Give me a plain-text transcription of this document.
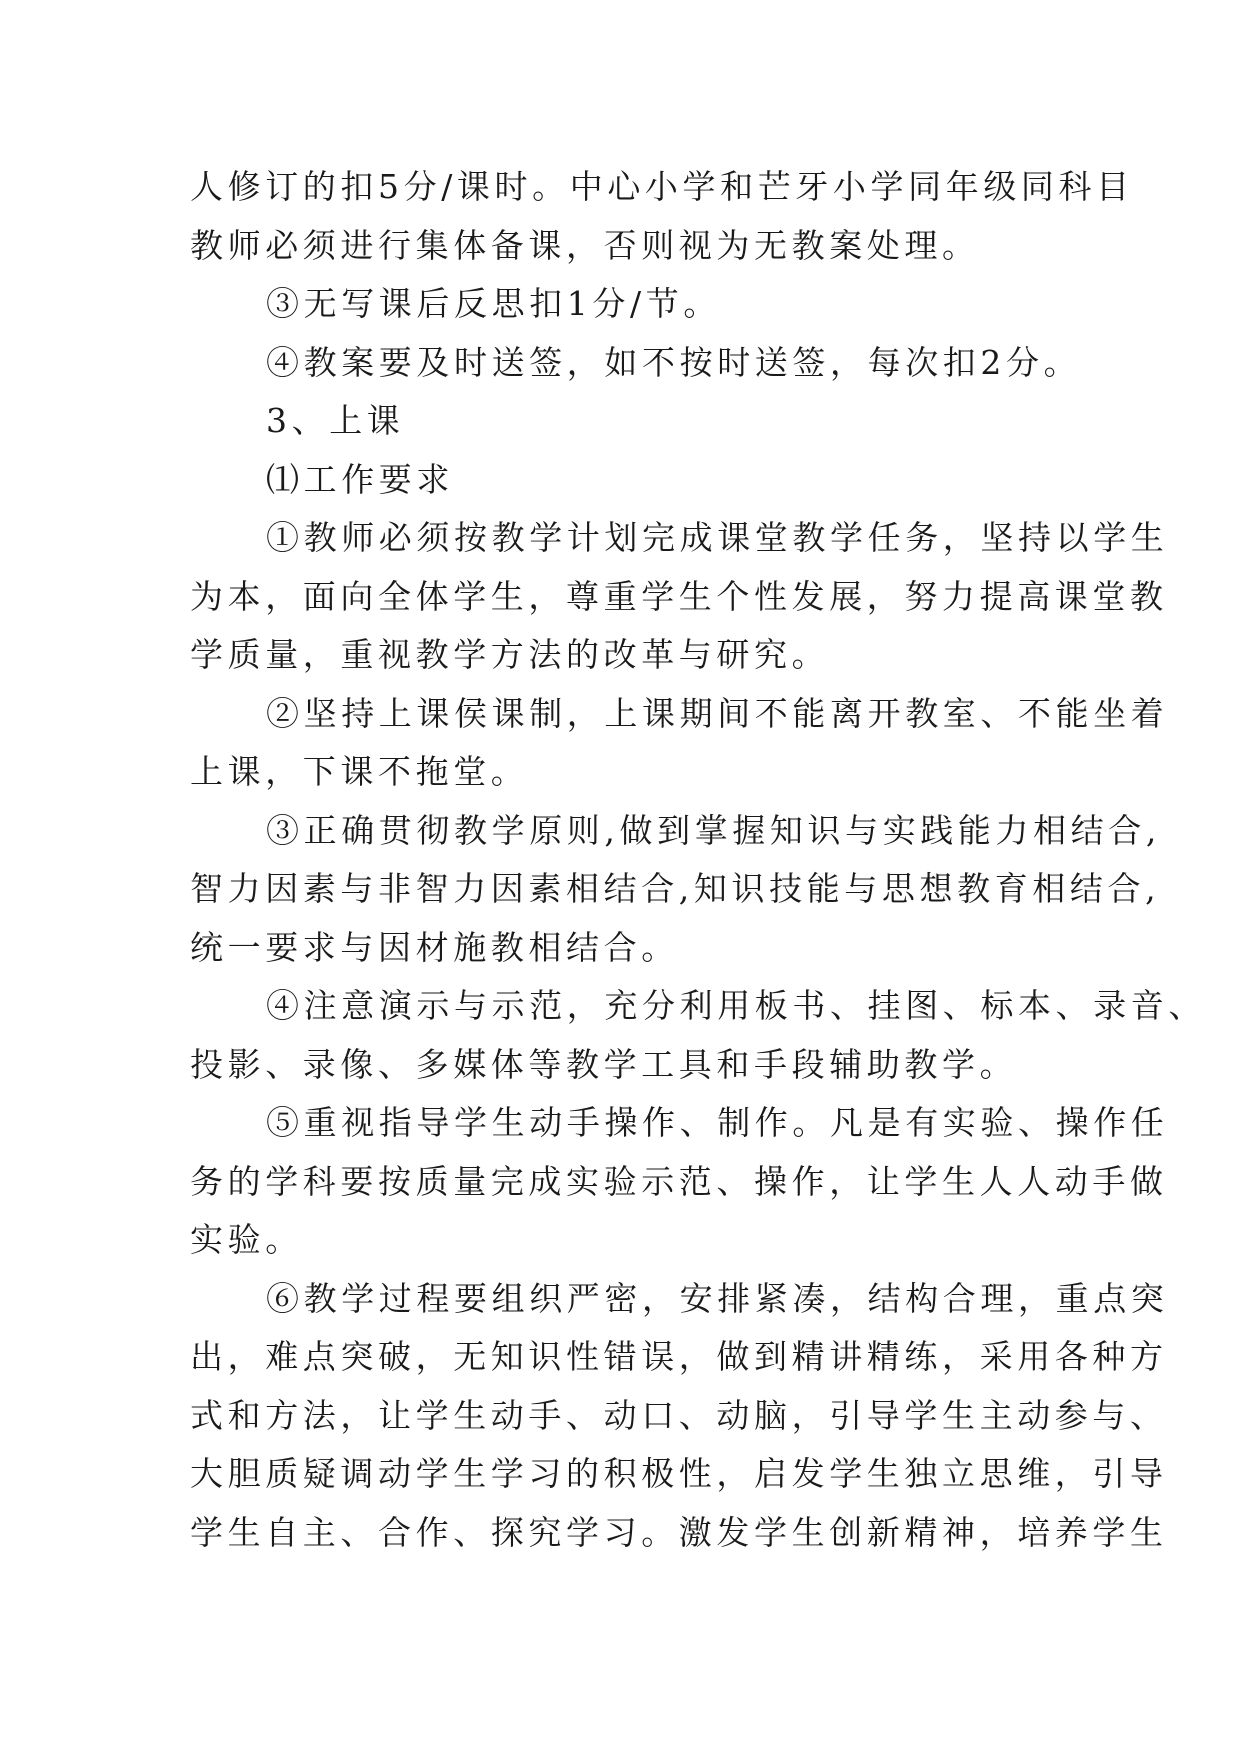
人修订的扣5分/课时。中心小学和芒牙小学同年级同科目

教师必须进行集体备课，否则视为无教案处理。

③无写课后反思扣1分/节。

④教案要及时送签，如不按时送签，每次扣2分。

3、上课

⑴工作要求

①教师必须按教学计划完成课堂教学任务，坚持以学生

为本，面向全体学生，尊重学生个性发展，努力提高课堂教

学质量，重视教学方法的改革与研究。

②坚持上课侯课制，上课期间不能离开教室、不能坐着

上课，下课不拖堂。

③正确贯彻教学原则,做到掌握知识与实践能力相结合,

智力因素与非智力因素相结合,知识技能与思想教育相结合,

统一要求与因材施教相结合。

④注意演示与示范，充分利用板书、挂图、标本、录音、

投影、录像、多媒体等教学工具和手段辅助教学。

⑤重视指导学生动手操作、制作。凡是有实验、操作任

务的学科要按质量完成实验示范、操作，让学生人人动手做

实验。

⑥教学过程要组织严密，安排紧凑，结构合理，重点突

出，难点突破，无知识性错误，做到精讲精练，采用各种方

式和方法，让学生动手、动口、动脑，引导学生主动参与、

大胆质疑调动学生学习的积极性，启发学生独立思维，引导

学生自主、合作、探究学习。激发学生创新精神，培养学生
